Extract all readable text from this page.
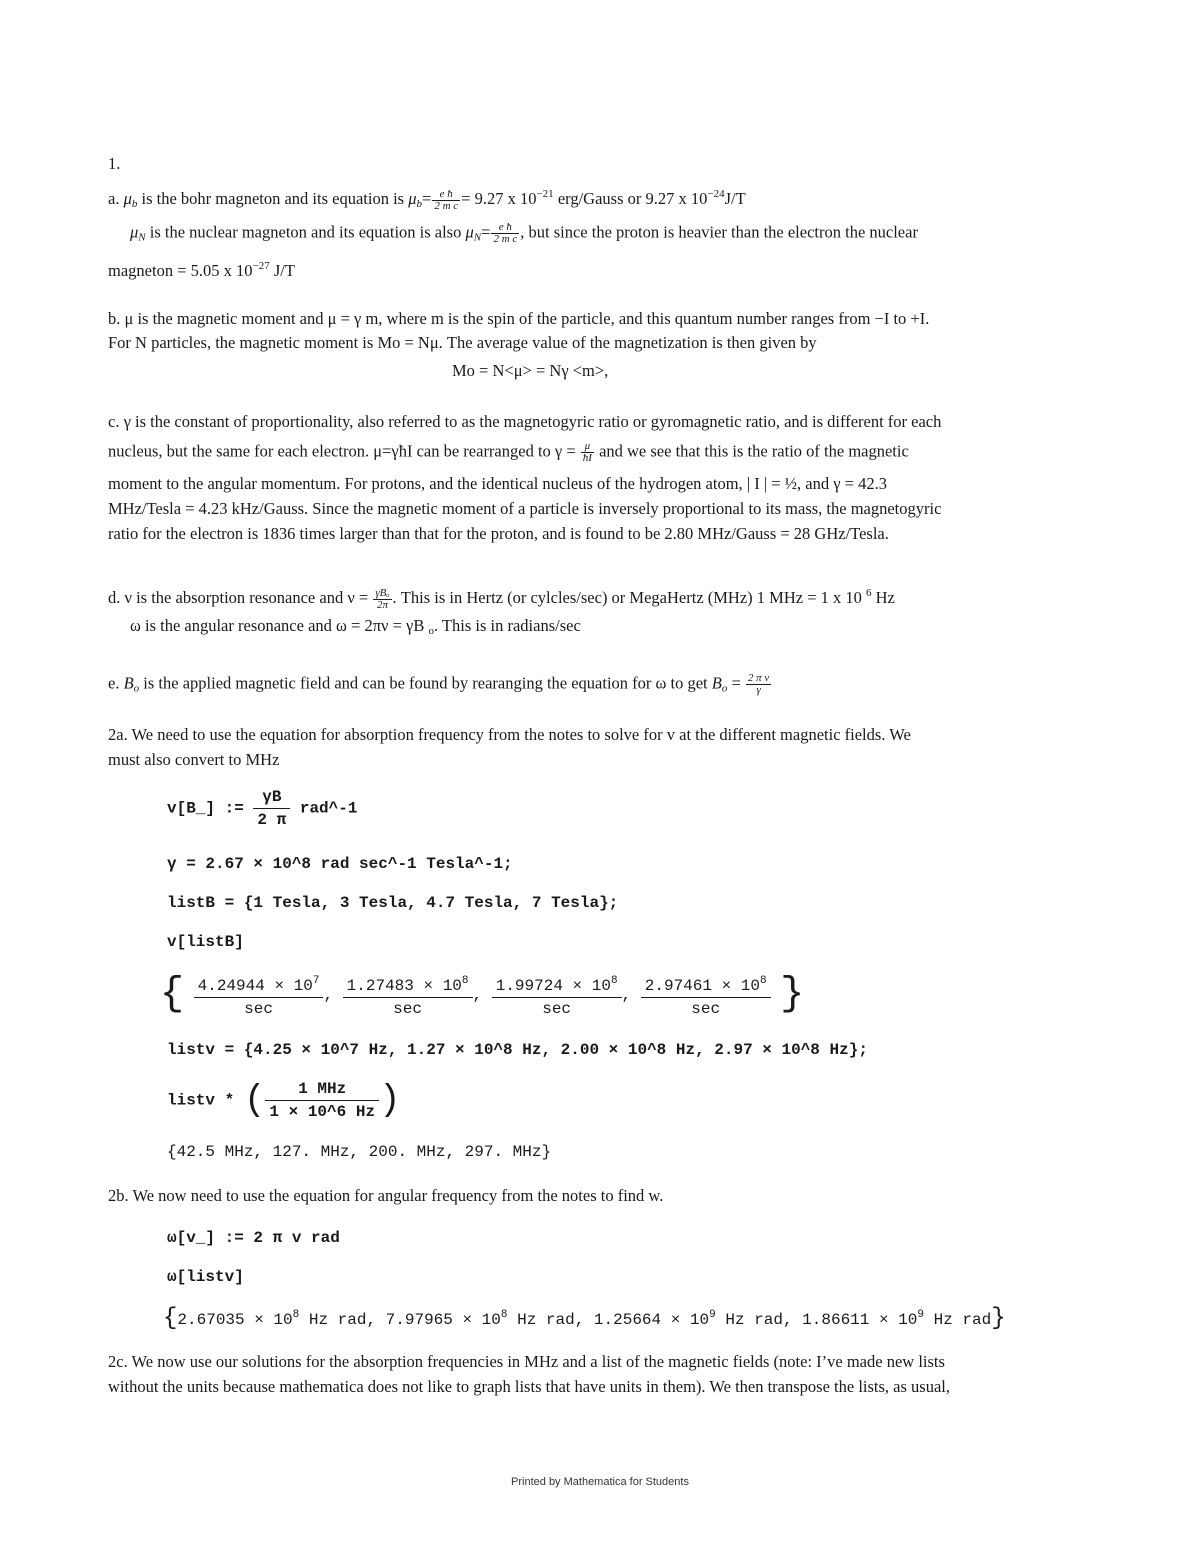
1.
a. $\mu_b$ is the bohr magneton and its equation is $\mu_b= \frac{\text{e ħ}}{\text{2 m c}} = 9.27$ x $10^{-21}$ erg/Gauss or 9.27 x $10^{-24}J/T$
$\mu_N$ is the nuclear magneton and its equation is also $\mu_N= \frac{\text{e ħ}}{\text{2 m c}}$ , but since the proton is heavier than the electron the nuclear
magneton = 5.05 x $10^{-27}$ J/T
b. μ is the magnetic moment and μ = γ m, where m is the spin of the particle, and this quantum number ranges from −I to +I.
For N particles, the magnetic moment is Mo = Nμ. The average value of the magnetization is then given by
Mo = N<μ> = Nγ <m>,
c. γ is the constant of proportionality, also referred to as the magnetogyric ratio or gyromagnetic ratio, and is different for each
nucleus, but the same for each electron. μ=γħI can be rearranged to $\gamma = \frac{\mu}{ħI}$ and we see that this is the ratio of the magnetic
moment to the angular momentum. For protons, and the identical nucleus of the hydrogen atom, | I | = ½, and γ = 42.3
MHz/Tesla = 4.23 kHz/Gauss. Since the magnetic moment of a particle is inversely proportional to its mass, the magnetogyric
ratio for the electron is 1836 times larger than that for the proton, and is found to be 2.80 MHz/Gauss = 28 GHz/Tesla.
d. ν is the absorption resonance and $\nu = \frac{\text{γBₒ}}{2\pi}$ . This is in Hertz (or cylcles/sec) or MegaHertz (MHz) 1 MHz = 1 x 10 $^6$ Hz
ω is the angular resonance and ω = 2πν = γB $_o$. This is in radians/sec
e. $B_o$ is the applied magnetic field and can be found by rearanging the equation for ω to get $B_o = \frac{\text{2 π ν}}{\gamma}$
2a. We need to use the equation for absorption frequency from the notes to solve for v at the different magnetic fields. We
must also convert to MHz
v[B_] := $\frac{\gamma B}{2 \pi}$ rad^-1
γ = 2.67 × 10^8 rad sec^-1 Tesla^-1;
listB = {1 Tesla, 3 Tesla, 4.7 Tesla, 7 Tesla};
v[listB]
{ $\frac{4.24944 \times 10^7}{\sec}$ , $\frac{1.27483 \times 10^8}{\sec}$ , $\frac{1.99724 \times 10^8}{\sec}$ , $\frac{2.97461 \times 10^8}{\sec}$ }
listv = {4.25 × 10^7 Hz, 1.27 × 10^8 Hz, 2.00 × 10^8 Hz, 2.97 × 10^8 Hz};
listv * ( $\frac{\text{1 MHz}}{1 \times 10\^{}6 Hz}$ )
{42.5 MHz, 127. MHz, 200. MHz, 297. MHz}
2b. We now need to use the equation for angular frequency from the notes to find w.
ω[v_] := 2 π v rad
ω[listv]
{$2.67035 \times 10^8$ Hz rad, $7.97965 \times 10^8$ Hz rad, $1.25664 \times 10^9$ Hz rad, $1.86611 \times 10^9$ Hz rad}
2c. We now use our solutions for the absorption frequencies in MHz and a list of the magnetic fields (note: I’ve made new lists
without the units because mathematica does not like to graph lists that have units in them). We then transpose the lists, as usual,
Printed by Mathematica for Students
